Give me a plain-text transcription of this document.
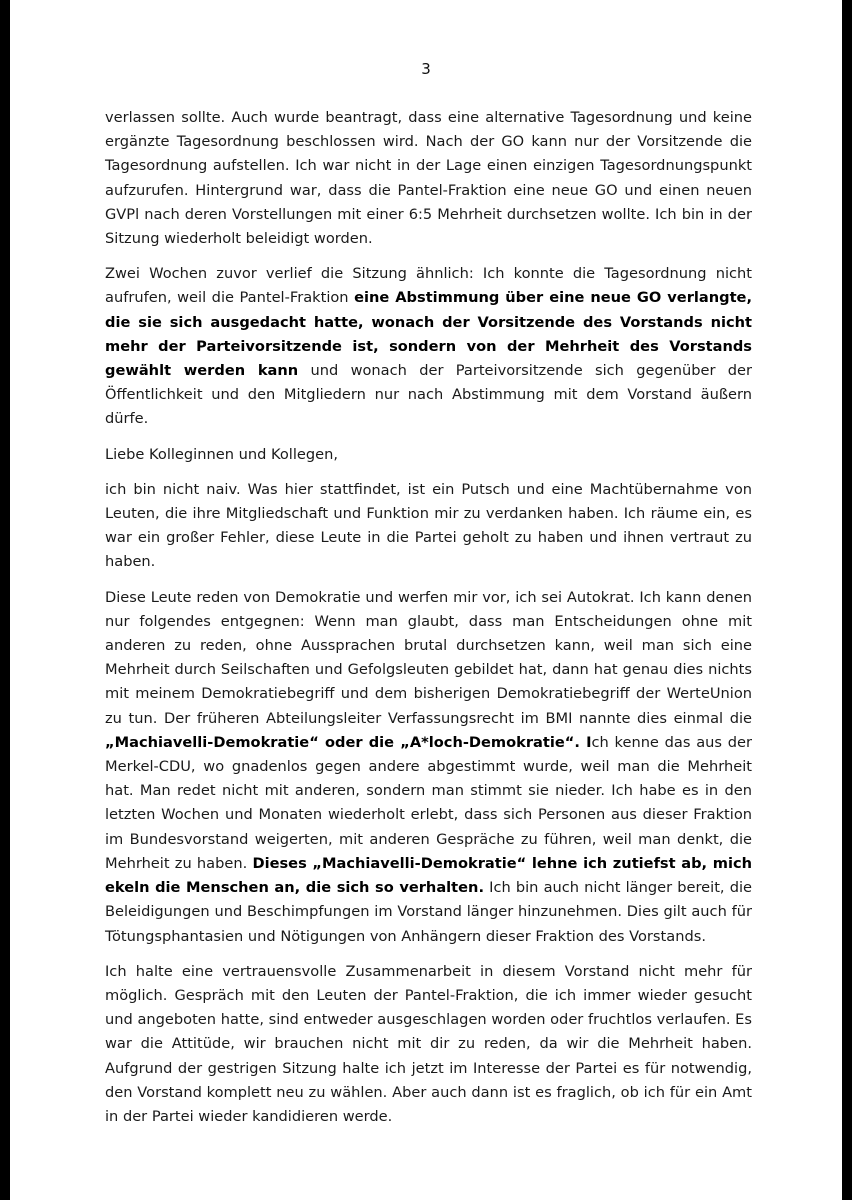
3

verlassen sollte. Auch wurde beantragt, dass eine alternative Tagesordnung und keine ergänzte Tagesordnung beschlossen wird. Nach der GO kann nur der Vorsitzende die Tagesordnung aufstellen. Ich war nicht in der Lage einen einzigen Tagesordnungspunkt aufzurufen. Hintergrund war, dass die Pantel-Fraktion eine neue GO und einen neuen GVPl nach deren Vorstellungen mit einer 6:5 Mehrheit durchsetzen wollte. Ich bin in der Sitzung wiederholt beleidigt worden.

Zwei Wochen zuvor verlief die Sitzung ähnlich: Ich konnte die Tagesordnung nicht aufrufen, weil die Pantel-Fraktion eine Abstimmung über eine neue GO verlangte, die sie sich ausgedacht hatte, wonach der Vorsitzende des Vorstands nicht mehr der Parteivorsitzende ist, sondern von der Mehrheit des Vorstands gewählt werden kann und wonach der Parteivorsitzende sich gegenüber der Öffentlichkeit und den Mitgliedern nur nach Abstimmung mit dem Vorstand äußern dürfe.

Liebe Kolleginnen und Kollegen,

ich bin nicht naiv. Was hier stattfindet, ist ein Putsch und eine Machtübernahme von Leuten, die ihre Mitgliedschaft und Funktion mir zu verdanken haben. Ich räume ein, es war ein großer Fehler, diese Leute in die Partei geholt zu haben und ihnen vertraut zu haben.

Diese Leute reden von Demokratie und werfen mir vor, ich sei Autokrat. Ich kann denen nur folgendes entgegnen: Wenn man glaubt, dass man Entscheidungen ohne mit anderen zu reden, ohne Aussprachen brutal durchsetzen kann, weil man sich eine Mehrheit durch Seilschaften und Gefolgsleuten gebildet hat, dann hat genau dies nichts mit meinem Demokratiebegriff und dem bisherigen Demokratiebegriff der WerteUnion zu tun. Der früheren Abteilungsleiter Verfassungsrecht im BMI nannte dies einmal die „Machiavelli-Demokratie“ oder die „A*loch-Demokratie“. Ich kenne das aus der Merkel-CDU, wo gnadenlos gegen andere abgestimmt wurde, weil man die Mehrheit hat. Man redet nicht mit anderen, sondern man stimmt sie nieder. Ich habe es in den letzten Wochen und Monaten wiederholt erlebt, dass sich Personen aus dieser Fraktion im Bundesvorstand weigerten, mit anderen Gespräche zu führen, weil man denkt, die Mehrheit zu haben. Dieses „Machiavelli-Demokratie“ lehne ich zutiefst ab, mich ekeln die Menschen an, die sich so verhalten. Ich bin auch nicht länger bereit, die Beleidigungen und Beschimpfungen im Vorstand länger hinzunehmen. Dies gilt auch für Tötungsphantasien und Nötigungen von Anhängern dieser Fraktion des Vorstands.

Ich halte eine vertrauensvolle Zusammenarbeit in diesem Vorstand nicht mehr für möglich. Gespräch mit den Leuten der Pantel-Fraktion, die ich immer wieder gesucht und angeboten hatte, sind entweder ausgeschlagen worden oder fruchtlos verlaufen. Es war die Attitüde, wir brauchen nicht mit dir zu reden, da wir die Mehrheit haben. Aufgrund der gestrigen Sitzung halte ich jetzt im Interesse der Partei es für notwendig, den Vorstand komplett neu zu wählen. Aber auch dann ist es fraglich, ob ich für ein Amt in der Partei wieder kandidieren werde.
